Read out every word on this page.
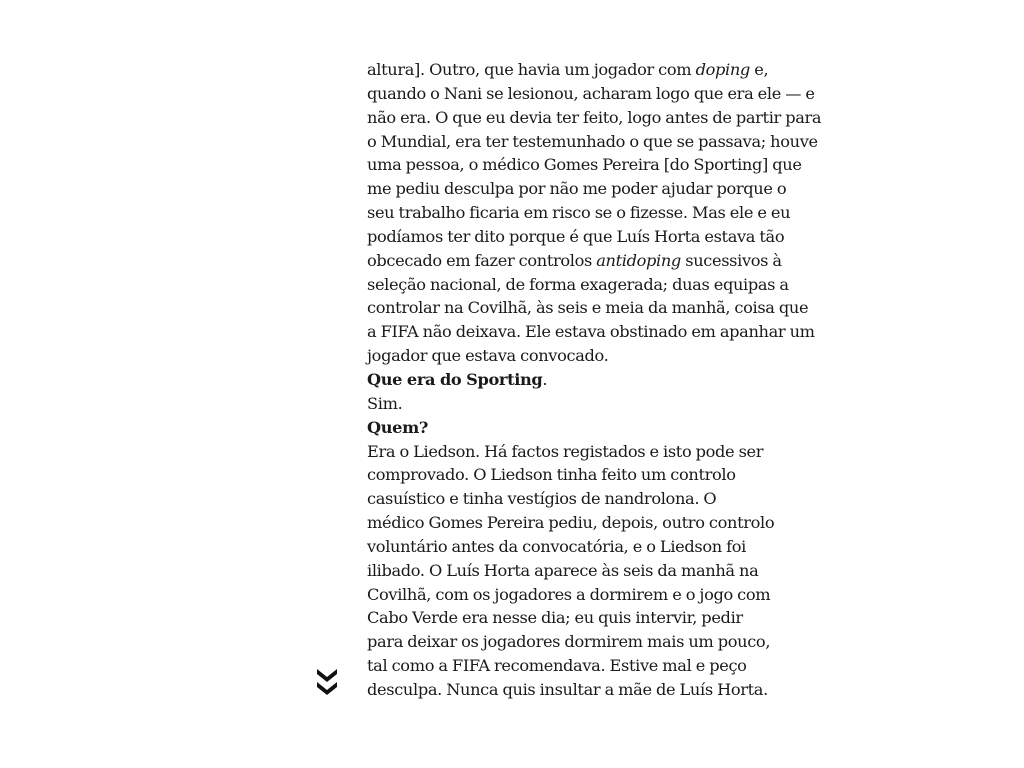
altura]. Outro, que havia um jogador com doping e,
quando o Nani se lesionou, acharam logo que era ele — e
não era. O que eu devia ter feito, logo antes de partir para
o Mundial, era ter testemunhado o que se passava; houve
uma pessoa, o médico Gomes Pereira [do Sporting] que
me pediu desculpa por não me poder ajudar porque o
seu trabalho ficaria em risco se o fizesse. Mas ele e eu
podíamos ter dito porque é que Luís Horta estava tão
obcecado em fazer controlos antidoping sucessivos à
seleção nacional, de forma exagerada; duas equipas a
controlar na Covilhã, às seis e meia da manhã, coisa que
a FIFA não deixava. Ele estava obstinado em apanhar um
jogador que estava convocado.
Que era do Sporting.
Sim.
Quem?
Era o Liedson. Há factos registados e isto pode ser
comprovado. O Liedson tinha feito um controlo
casuístico e tinha vestígios de nandrolona. O
médico Gomes Pereira pediu, depois, outro controlo
voluntário antes da convocatória, e o Liedson foi
ilibado. O Luís Horta aparece às seis da manhã na
Covilhã, com os jogadores a dormirem e o jogo com
Cabo Verde era nesse dia; eu quis intervir, pedir
para deixar os jogadores dormirem mais um pouco,
tal como a FIFA recomendava. Estive mal e peço
desculpa. Nunca quis insultar a mãe de Luís Horta.
